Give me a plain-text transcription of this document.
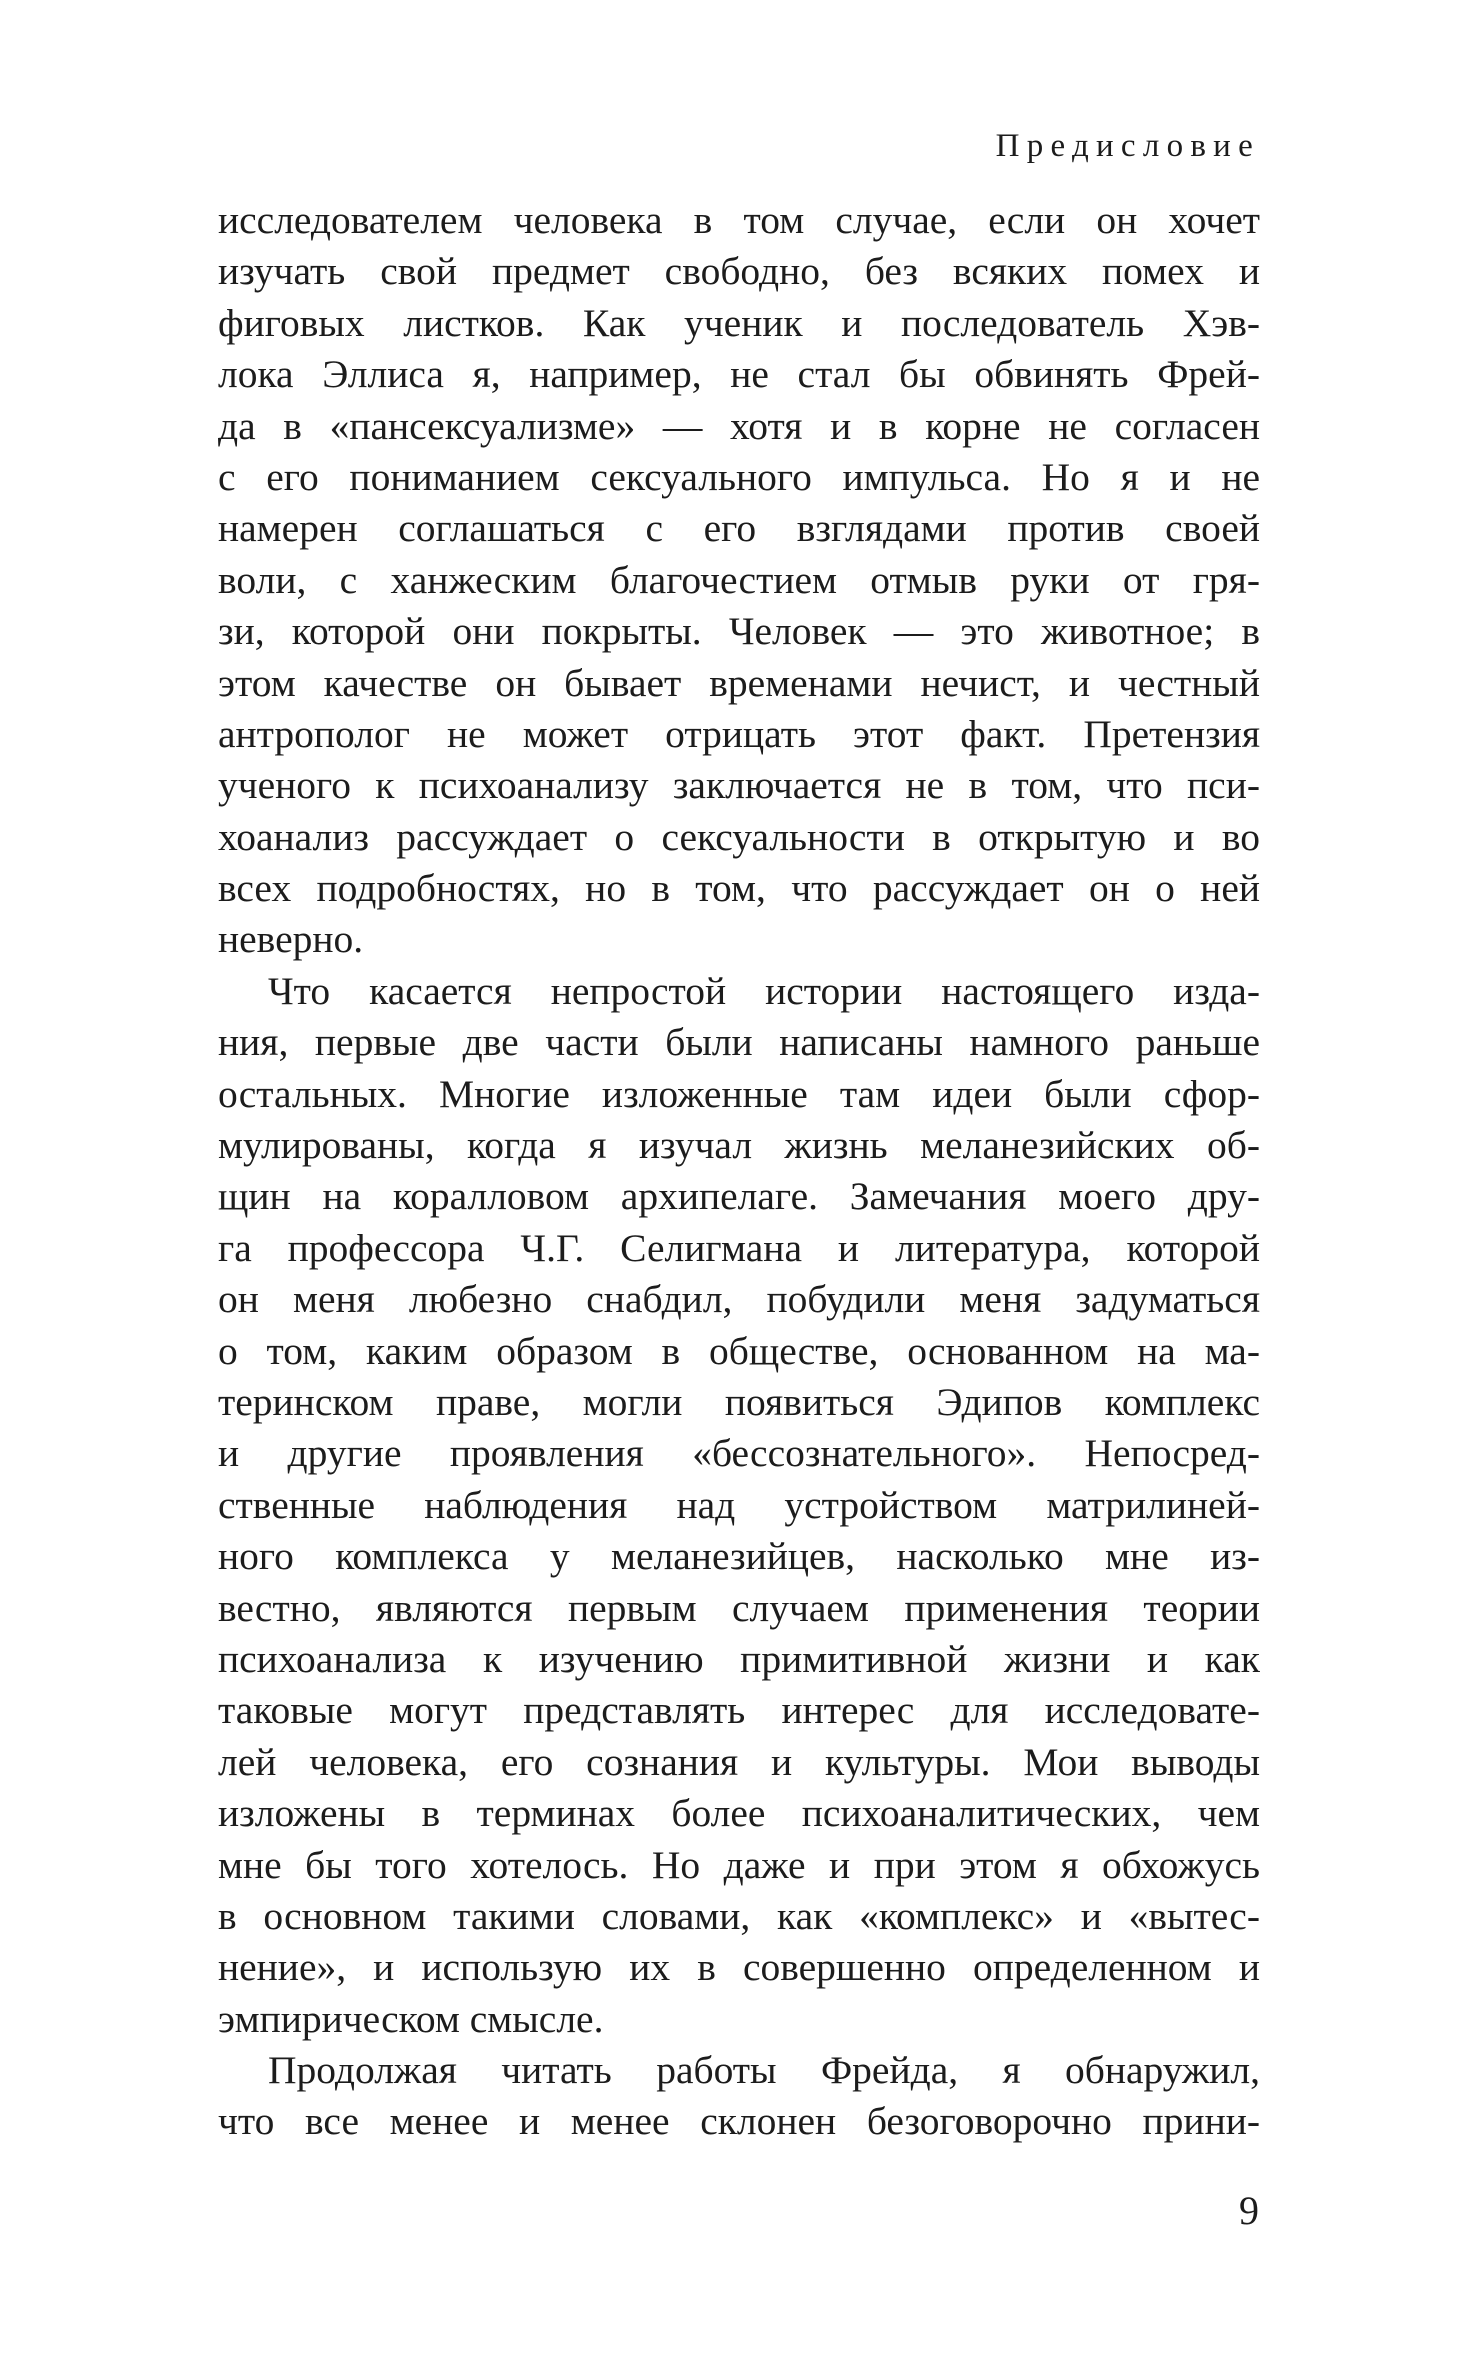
Предисловие
исследователем человека в том случае, если он хочет
изучать свой предмет свободно, без всяких помех и
фиговых листков. Как ученик и последователь Хэв-
лока Эллиса я, например, не стал бы обвинять Фрей-
да в «пансексуализме» — хотя и в корне не согласен
с его пониманием сексуального импульса. Но я и не
намерен соглашаться с его взглядами против своей
воли, с ханжеским благочестием отмыв руки от гря-
зи, которой они покрыты. Человек — это животное; в
этом качестве он бывает временами нечист, и честный
антрополог не может отрицать этот факт. Претензия
ученого к психоанализу заключается не в том, что пси-
хоанализ рассуждает о сексуальности в открытую и во
всех подробностях, но в том, что рассуждает он о ней
неверно.
Что касается непростой истории настоящего изда-
ния, первые две части были написаны намного раньше
остальных. Многие изложенные там идеи были сфор-
мулированы, когда я изучал жизнь меланезийских об-
щин на коралловом архипелаге. Замечания моего дру-
га профессора Ч.Г. Селигмана и литература, которой
он меня любезно снабдил, побудили меня задуматься
о том, каким образом в обществе, основанном на ма-
теринском праве, могли появиться Эдипов комплекс
и другие проявления «бессознательного». Непосред-
ственные наблюдения над устройством матрилиней-
ного комплекса у меланезийцев, насколько мне из-
вестно, являются первым случаем применения теории
психоанализа к изучению примитивной жизни и как
таковые могут представлять интерес для исследовате-
лей человека, его сознания и культуры. Мои выводы
изложены в терминах более психоаналитических, чем
мне бы того хотелось. Но даже и при этом я обхожусь
в основном такими словами, как «комплекс» и «вытес-
нение», и использую их в совершенно определенном и
эмпирическом смысле.
Продолжая читать работы Фрейда, я обнаружил,
что все менее и менее склонен безоговорочно прини-
9
